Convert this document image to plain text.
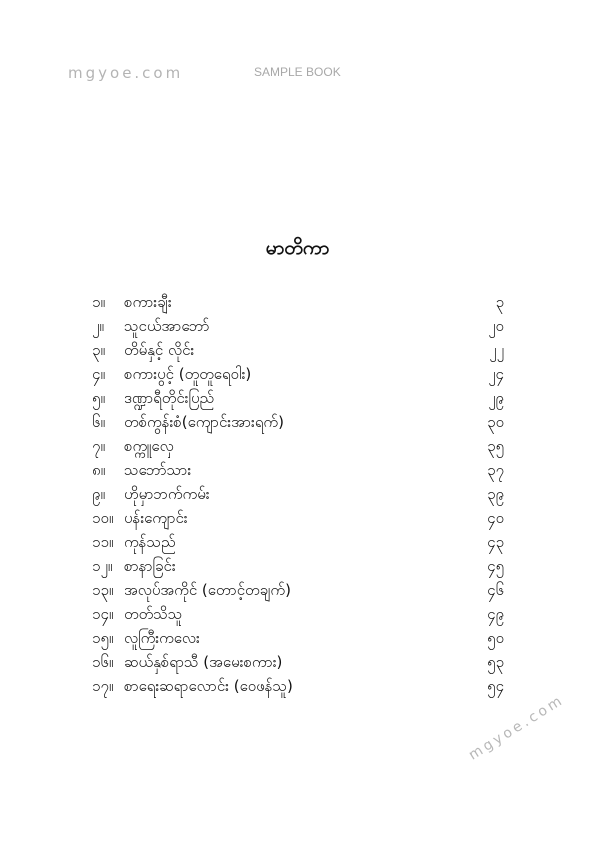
mgyoe.com	SAMPLE BOOK
မာတိကာ
၁။ စကားချီး	၃
၂။ သူငယ်အာဘော်	၂၀
၃။ တိမ်နှင့် လိုင်း	၂၂
၄။ စကားပွင့် (တူတူရေဝါး)	၂၄
၅။ ဒဏ္ဍာရီတိုင်းပြည်	၂၉
၆။ တစ်ကွန်းစံ(ကျောင်းအားရက်)	၃၀
၇။ စက္ကူလှေ	၃၅
၈။ သဘော်သား	၃၇
၉။ ဟိုမှာဘက်ကမ်း	၃၉
၁၀။ ပန်းကျောင်း	၄၀
၁၁။ ကုန်သည်	၄၃
၁၂။ စာနာခြင်း	၄၅
၁၃။ အလုပ်အကိုင် (တောင့်တချက်)	၄၆
၁၄။ တတ်သိသူ	၄၉
၁၅။ လူကြီးကလေး	၅၀
၁၆။ ဆယ်နှစ်ရာသီ (အမေးစကား)	၅၃
၁၇။ စာရေးဆရာလောင်း (ဝေဖန်သူ)	၅၄
mgyoe.com
